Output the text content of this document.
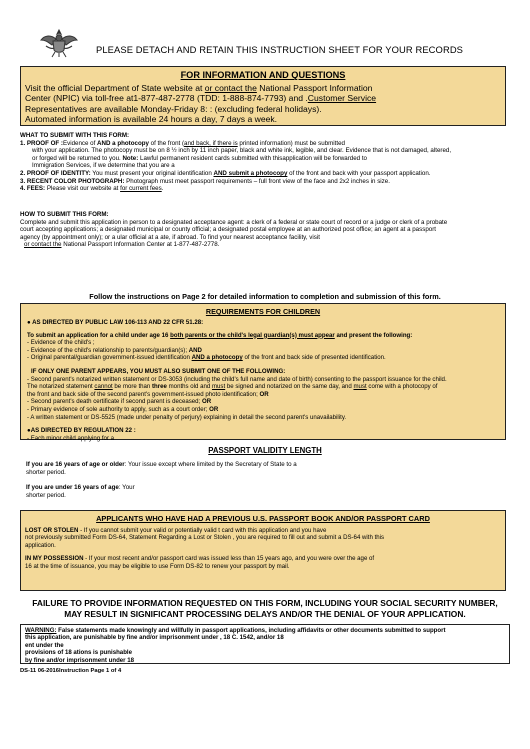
PLEASE DETACH AND RETAIN THIS INSTRUCTION SHEET FOR YOUR RECORDS
FOR INFORMATION AND QUESTIONS
Visit the official Department of State website at or contact the National Passport Information
Center (NPIC) via toll-free at1-877-487-2778 (TDD: 1-888-874-7793) and .Customer Service
Representatives are available Monday-Friday 8: : (excluding federal holidays).
Automated information is available 24 hours a day, 7 days a week.
WHAT TO SUBMIT WITH THIS FORM:
1. PROOF OF :Evidence of AND a photocopy of the front (and back, if there is printed information) must be submitted
with your application. The photocopy must be on 8 ½ inch by 11 inch paper, black and white ink, legible, and clear. Evidence that is not damaged, altered,
or forged will be returned to you. Note: Lawful permanent resident cards submitted with thisapplication will be forwarded to
Immigration Services, if we determine that you are a
2. PROOF OF IDENTITY: You must present your original identification AND submit a photocopy of the front and back with your passport application.
3. RECENT COLOR PHOTOGRAPH: Photograph must meet passport requirements – full front view of the face and 2x2 inches in size.
4. FEES: Please visit our website at for current fees.
HOW TO SUBMIT THIS FORM:
Complete and submit this application in person to a designated acceptance agent: a clerk of a federal or state court of record or a judge or clerk of a probate
court accepting applications; a designated municipal or county official; a designated postal employee at an authorized post office; an agent at a passport
agency (by appointment only); or a ular official at a ate, if abroad. To find your nearest acceptance facility, visit
or contact the National Passport Information Center at 1-877-487-2778.
Follow the instructions on Page 2 for detailed information to completion and submission of this form.
REQUIREMENTS FOR CHILDREN

● AS DIRECTED BY PUBLIC LAW 106-113 AND 22 CFR 51.28:

To submit an application for a child under age 16 both parents or the child's legal guardian(s) must appear and present the following:

- Evidence of the child's ;

- Evidence of the child's relationship to parents/guardian(s); AND

- Original parental/guardian government-issued identification AND a photocopy of the front and back side of presented identification.

IF ONLY ONE PARENT APPEARS, YOU MUST ALSO SUBMIT ONE OF THE FOLLOWING:

- Second parent's notarized written statement or DS-3053 (including the child's full name and date of birth) consenting to the passport issuance for the child.

The notarized statement cannot be more than three months old and must be signed and notarized on the same day, and must come with a photocopy of

the front and back side of the second parent's government-issued photo identification; OR

- Second parent's death certificate if second parent is deceased; OR

- Primary evidence of sole authority to apply, such as a court order; OR

- A written statement or DS-5525 (made under penalty of perjury) explaining in detail the second parent's unavailability.

●AS DIRECTED BY REGULATION 22 :

- Each minor child applying for a

PASSPORT VALIDITY LENGTH

If you are 16 years of age or older: Your issue except where limited by the Secretary of State to a
shorter period.

If you are under 16 years of age: Your
shorter period.

APPLICANTS WHO HAVE HAD A PREVIOUS U.S. PASSPORT BOOK AND/OR PASSPORT CARD

LOST OR STOLEN - If you cannot submit your valid or potentially valid t card with this application and you have
not previously submitted Form DS-64, Statement Regarding a Lost or Stolen , you are required to fill out and submit a DS-64 with this
application.

IN MY POSSESSION - If your most recent and/or passport card was issued less than 15 years ago, and you were over the age of
16 at the time of issuance, you may be eligible to use Form DS-82 to renew your passport by mail.

FAILURE TO PROVIDE INFORMATION REQUESTED ON THIS FORM, INCLUDING YOUR SOCIAL SECURITY NUMBER,
MAY RESULT IN SIGNIFICANT PROCESSING DELAYS AND/OR THE DENIAL OF YOUR APPLICATION.
WARNING: False statements made knowingly and willfully in passport applications, including affidavits or other documents submitted to support
this application, are punishable by fine and/or imprisonment under , 18 C. 1542, and/or 18
ent under the
provisions of 18 ations is punishable
by fine and/or imprisonment under 18
DS-11 06-2016Instruction Page 1 of 4
